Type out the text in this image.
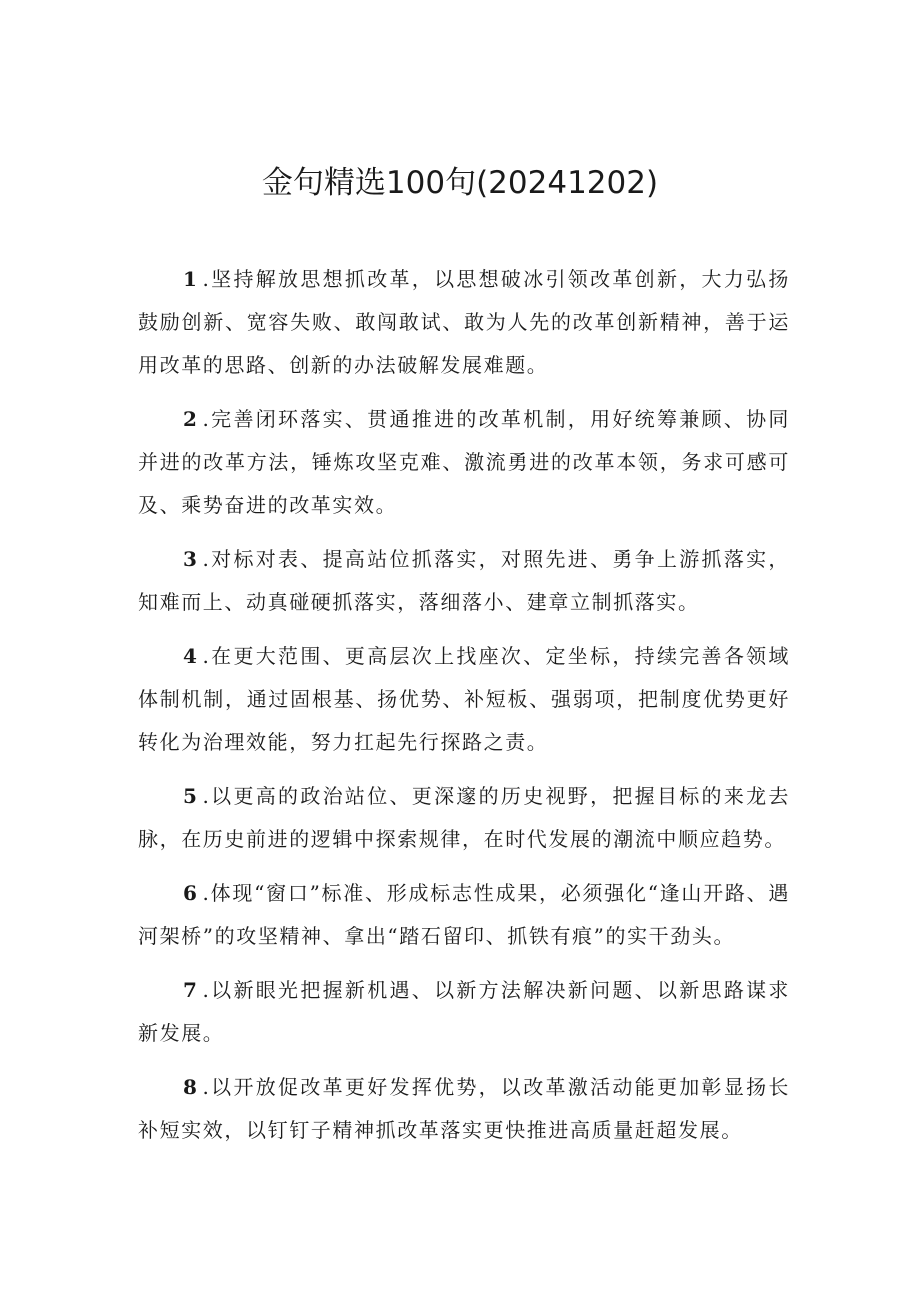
金句精选100句(20241202)

1 .坚持解放思想抓改革，以思想破冰引领改革创新，大力弘扬鼓励创新、宽容失败、敢闯敢试、敢为人先的改革创新精神，善于运用改革的思路、创新的办法破解发展难题。

2 .完善闭环落实、贯通推进的改革机制，用好统筹兼顾、协同并进的改革方法，锤炼攻坚克难、激流勇进的改革本领，务求可感可及、乘势奋进的改革实效。

3 .对标对表、提高站位抓落实，对照先进、勇争上游抓落实，知难而上、动真碰硬抓落实，落细落小、建章立制抓落实。

4 .在更大范围、更高层次上找座次、定坐标，持续完善各领域体制机制，通过固根基、扬优势、补短板、强弱项，把制度优势更好转化为治理效能，努力扛起先行探路之责。

5 .以更高的政治站位、更深邃的历史视野，把握目标的来龙去脉，在历史前进的逻辑中探索规律，在时代发展的潮流中顺应趋势。

6 .体现“窗口”标准、形成标志性成果，必须强化“逢山开路、遇河架桥”的攻坚精神、拿出“踏石留印、抓铁有痕”的实干劲头。

7 .以新眼光把握新机遇、以新方法解决新问题、以新思路谋求新发展。

8 .以开放促改革更好发挥优势，以改革激活动能更加彰显扬长补短实效，以钉钉子精神抓改革落实更快推进高质量赶超发展。
